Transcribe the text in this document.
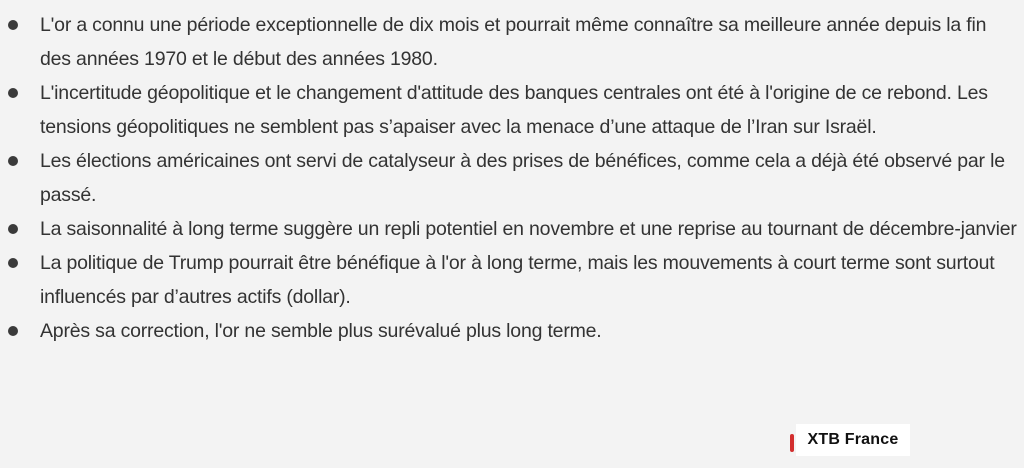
L'or a connu une période exceptionnelle de dix mois et pourrait même connaître sa meilleure année depuis la fin des années 1970 et le début des années 1980.
L'incertitude géopolitique et le changement d'attitude des banques centrales ont été à l'origine de ce rebond. Les tensions géopolitiques ne semblent pas s’apaiser avec la menace d’une attaque de l’Iran sur Israël.
Les élections américaines ont servi de catalyseur à des prises de bénéfices, comme cela a déjà été observé par le passé.
La saisonnalité à long terme suggère un repli potentiel en novembre et une reprise au tournant de décembre-janvier
La politique de Trump pourrait être bénéfique à l'or à long terme, mais les mouvements à court terme sont surtout influencés par d’autres actifs (dollar).
Après sa correction, l'or ne semble plus surévalué plus long terme.
XTB France
